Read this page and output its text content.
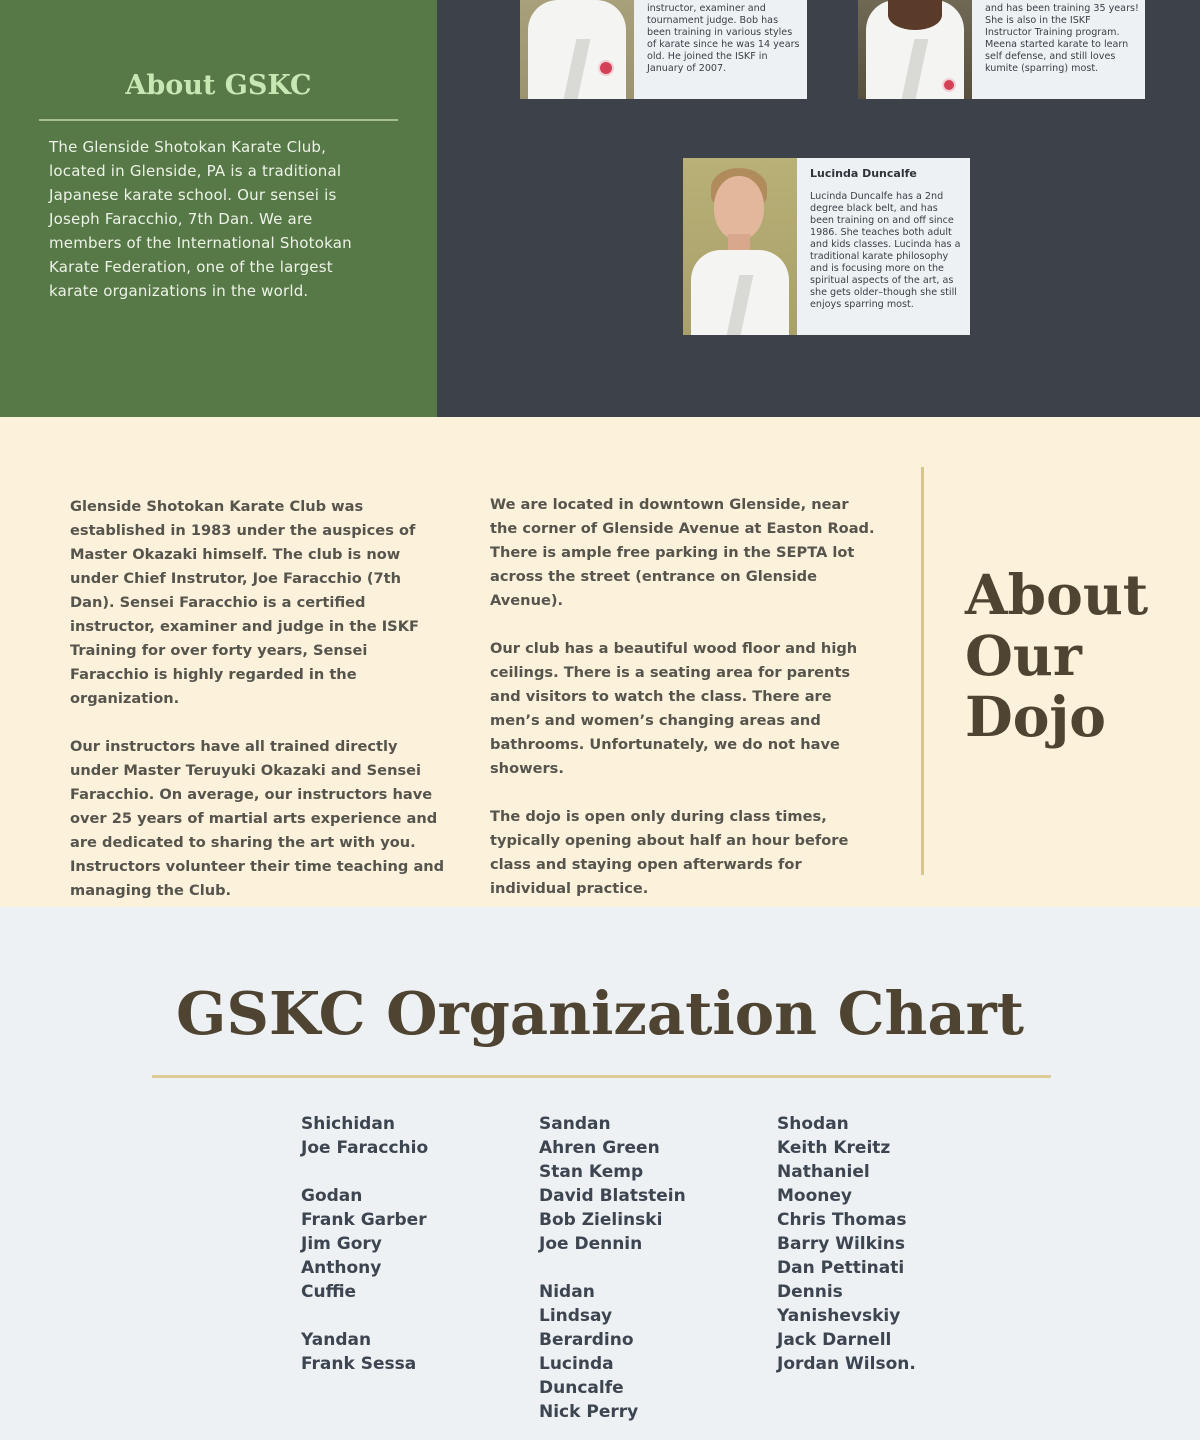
About GSKC

The Glenside Shotokan Karate Club, located in Glenside, PA is a traditional Japanese karate school. Our sensei is Joseph Faracchio, 7th Dan. We are members of the International Shotokan Karate Federation, one of the largest karate organizations in the world.

instructor, examiner and tournament judge. Bob has been training in various styles of karate since he was 14 years old. He joined the ISKF in January of 2007.
and has been training 35 years! She is also in the ISKF Instructor Training program. Meena started karate to learn self defense, and still loves kumite (sparring) most.
Lucinda Duncalfe
Lucinda Duncalfe has a 2nd degree black belt, and has been training on and off since 1986. She teaches both adult and kids classes. Lucinda has a traditional karate philosophy and is focusing more on the spiritual aspects of the art, as she gets older–though she still enjoys sparring most.

Glenside Shotokan Karate Club was established in 1983 under the auspices of Master Okazaki himself. The club is now under Chief Instrutor, Joe Faracchio (7th Dan). Sensei Faracchio is a certified instructor, examiner and judge in the ISKF Training for over forty years, Sensei Faracchio is highly regarded in the organization.

Our instructors have all trained directly under Master Teruyuki Okazaki and Sensei Faracchio. On average, our instructors have over 25 years of martial arts experience and are dedicated to sharing the art with you. Instructors volunteer their time teaching and managing the Club.

We are located in downtown Glenside, near the corner of Glenside Avenue at Easton Road. There is ample free parking in the SEPTA lot across the street (entrance on Glenside Avenue).

Our club has a beautiful wood floor and high ceilings. There is a seating area for parents and visitors to watch the class. There are men’s and women’s changing areas and bathrooms. Unfortunately, we do not have showers.

The dojo is open only during class times, typically opening about half an hour before class and staying open afterwards for individual practice.

About Our Dojo
GSKC Organization Chart
Shichidan
Joe Faracchio
Godan
Frank Garber
Jim Gory
Anthony Cuffie
Yandan
Frank Sessa
Sandan
Ahren Green
Stan Kemp
David Blatstein
Bob Zielinski
Joe Dennin
Nidan
Lindsay Berardino
Lucinda Duncalfe
Nick Perry
Shodan
Keith Kreitz
Nathaniel Mooney
Chris Thomas
Barry Wilkins
Dan Pettinati
Dennis Yanishevskiy
Jack Darnell
Jordan Wilson.
